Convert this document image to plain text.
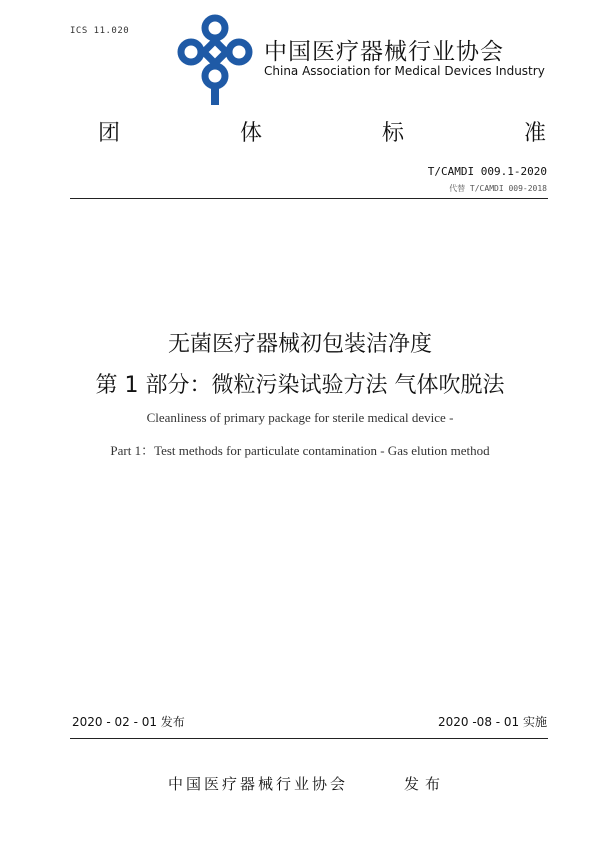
ICS 11.020
中国医疗器械行业协会
China Association for Medical Devices Industry
团	体	标	准
T/CAMDI 009.1-2020
代替 T/CAMDI 009-2018
无菌医疗器械初包装洁净度
第 1 部分：微粒污染试验方法 气体吹脱法
Cleanliness of primary package for sterile medical device -
Part 1：Test methods for particulate contamination - Gas elution method
2020 - 02 - 01 发布	2020 -08 - 01 实施
中国医疗器械行业协会	发布
